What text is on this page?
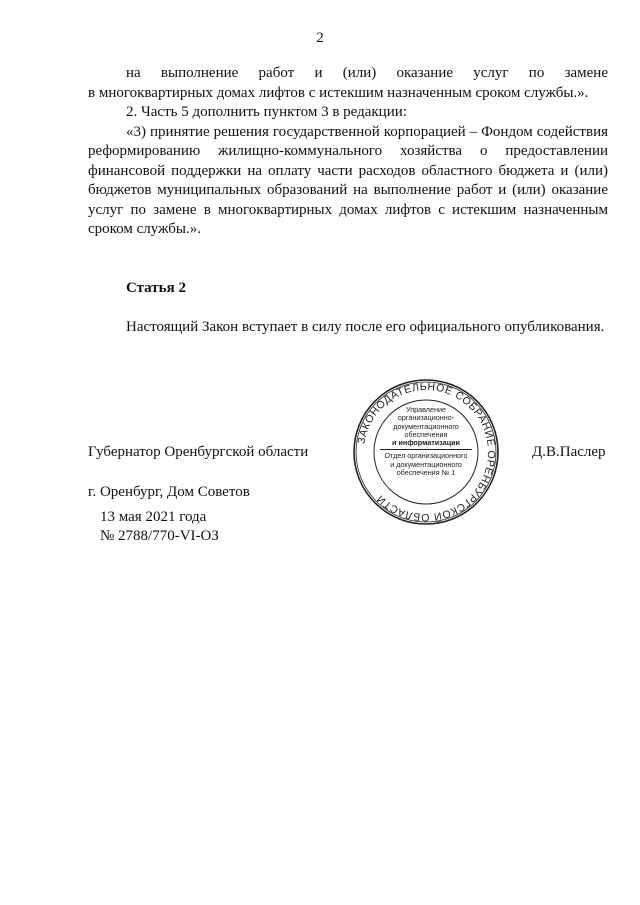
2

на выполнение работ и (или) оказание услуг по замене

в многоквартирных домах лифтов с истекшим назначенным сроком службы.».

2. Часть 5 дополнить пунктом 3 в редакции:

«3) принятие решения государственной корпорацией – Фондом содействия реформированию жилищно-коммунального хозяйства о предоставлении финансовой поддержки на оплату части расходов областного бюджета и (или) бюджетов муниципальных образований на выполнение работ и (или) оказание услуг по замене в многоквартирных домах лифтов с истекшим назначенным сроком службы.».

Статья 2

Настоящий Закон вступает в силу после его официального опубликования.

Губернатор Оренбургской области	Д.В.Паслер
г. Оренбург, Дом Советов
13 мая 2021 года
№ 2788/770-VI-ОЗ
ЗАКОНОДАТЕЛЬНОЕ СОБРАНИЕ ОРЕНБУРГСКОЙ ОБЛАСТИ
Управление
организационно-
документационного
обеспечения
и информатизации
Отдел организационного
и документационного
обеспечения № 1
